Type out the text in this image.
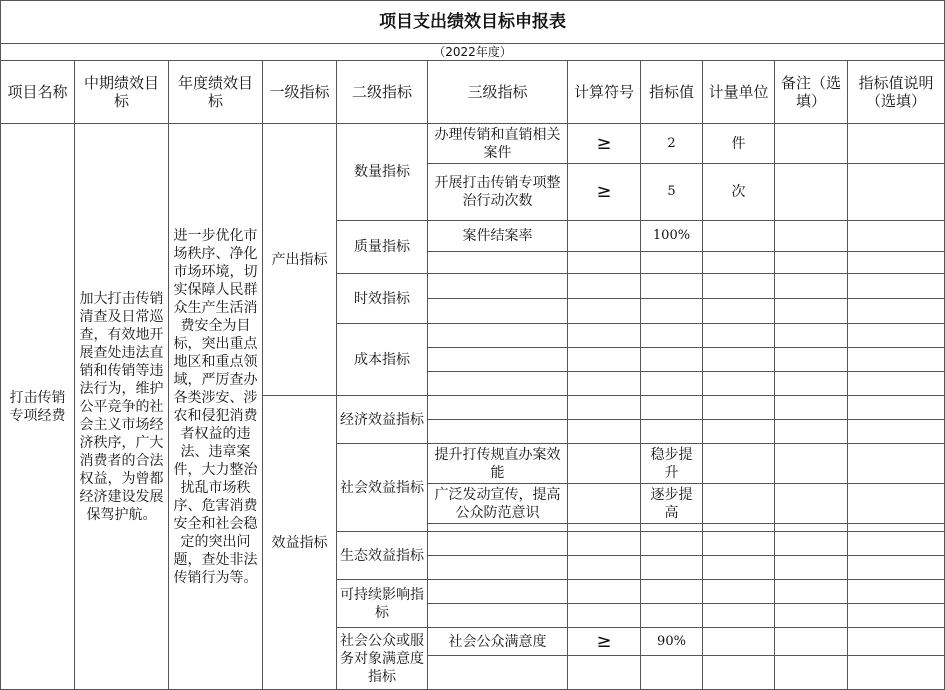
项目支出绩效目标申报表										
（2022年度）										
项目名称	中期绩效目标	年度绩效目标	一级指标	二级指标	三级指标	计算符号	指标值	计量单位	备注（选填）	指标值说明（选填）
打击传销专项经费	加大打击传销清查及日常巡查，有效地开展查处违法直销和传销等违法行为，维护公平竞争的社会主义市场经济秩序，广大消费者的合法权益，为曾都经济建设发展保驾护航。	进一步优化市场秩序、净化市场环境，切实保障人民群众生产生活消费安全为目标，突出重点地区和重点领域，严厉查办各类涉安、涉农和侵犯消费者权益的违法、违章案件，大力整治扰乱市场秩序、危害消费安全和社会稳定的突出问题，查处非法传销行为等。	产出指标	数量指标	办理传销和直销相关案件	≥	2	件		
					开展打击传销专项整治行动次数	≥	5	次		
				质量指标	案件结案率		100%			

				时效指标						

				成本指标						

			效益指标	经济效益指标						

				社会效益指标	提升打传规直办案效能		稳步提升			
					广泛发动宣传，提高公众防范意识		逐步提高			

				生态效益指标						

				可持续影响指标						

				社会公众或服务对象满意度指标	社会公众满意度	≥	90%			
